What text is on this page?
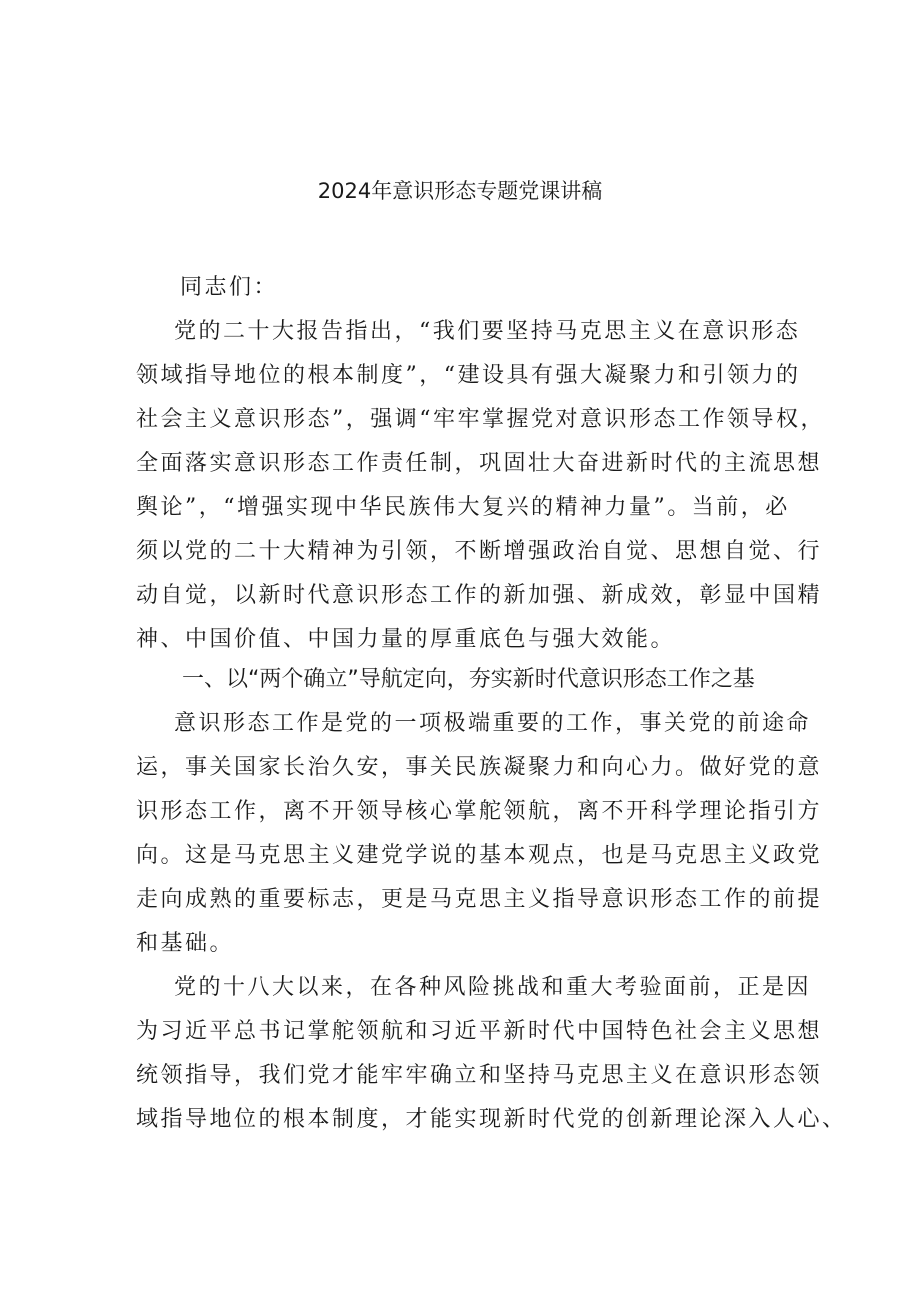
2024年意识形态专题党课讲稿
同志们：
党的二十大报告指出，“我们要坚持马克思主义在意识形态
领域指导地位的根本制度”，“建设具有强大凝聚力和引领力的
社会主义意识形态”，强调“牢牢掌握党对意识形态工作领导权，
全面落实意识形态工作责任制，巩固壮大奋进新时代的主流思想
舆论”，“增强实现中华民族伟大复兴的精神力量”。当前，必
须以党的二十大精神为引领，不断增强政治自觉、思想自觉、行
动自觉，以新时代意识形态工作的新加强、新成效，彰显中国精
神、中国价值、中国力量的厚重底色与强大效能。
一、以“两个确立”导航定向，夯实新时代意识形态工作之基
意识形态工作是党的一项极端重要的工作，事关党的前途命
运，事关国家长治久安，事关民族凝聚力和向心力。做好党的意
识形态工作，离不开领导核心掌舵领航，离不开科学理论指引方
向。这是马克思主义建党学说的基本观点，也是马克思主义政党
走向成熟的重要标志，更是马克思主义指导意识形态工作的前提
和基础。
党的十八大以来，在各种风险挑战和重大考验面前，正是因
为习近平总书记掌舵领航和习近平新时代中国特色社会主义思想
统领指导，我们党才能牢牢确立和坚持马克思主义在意识形态领
域指导地位的根本制度，才能实现新时代党的创新理论深入人心、
